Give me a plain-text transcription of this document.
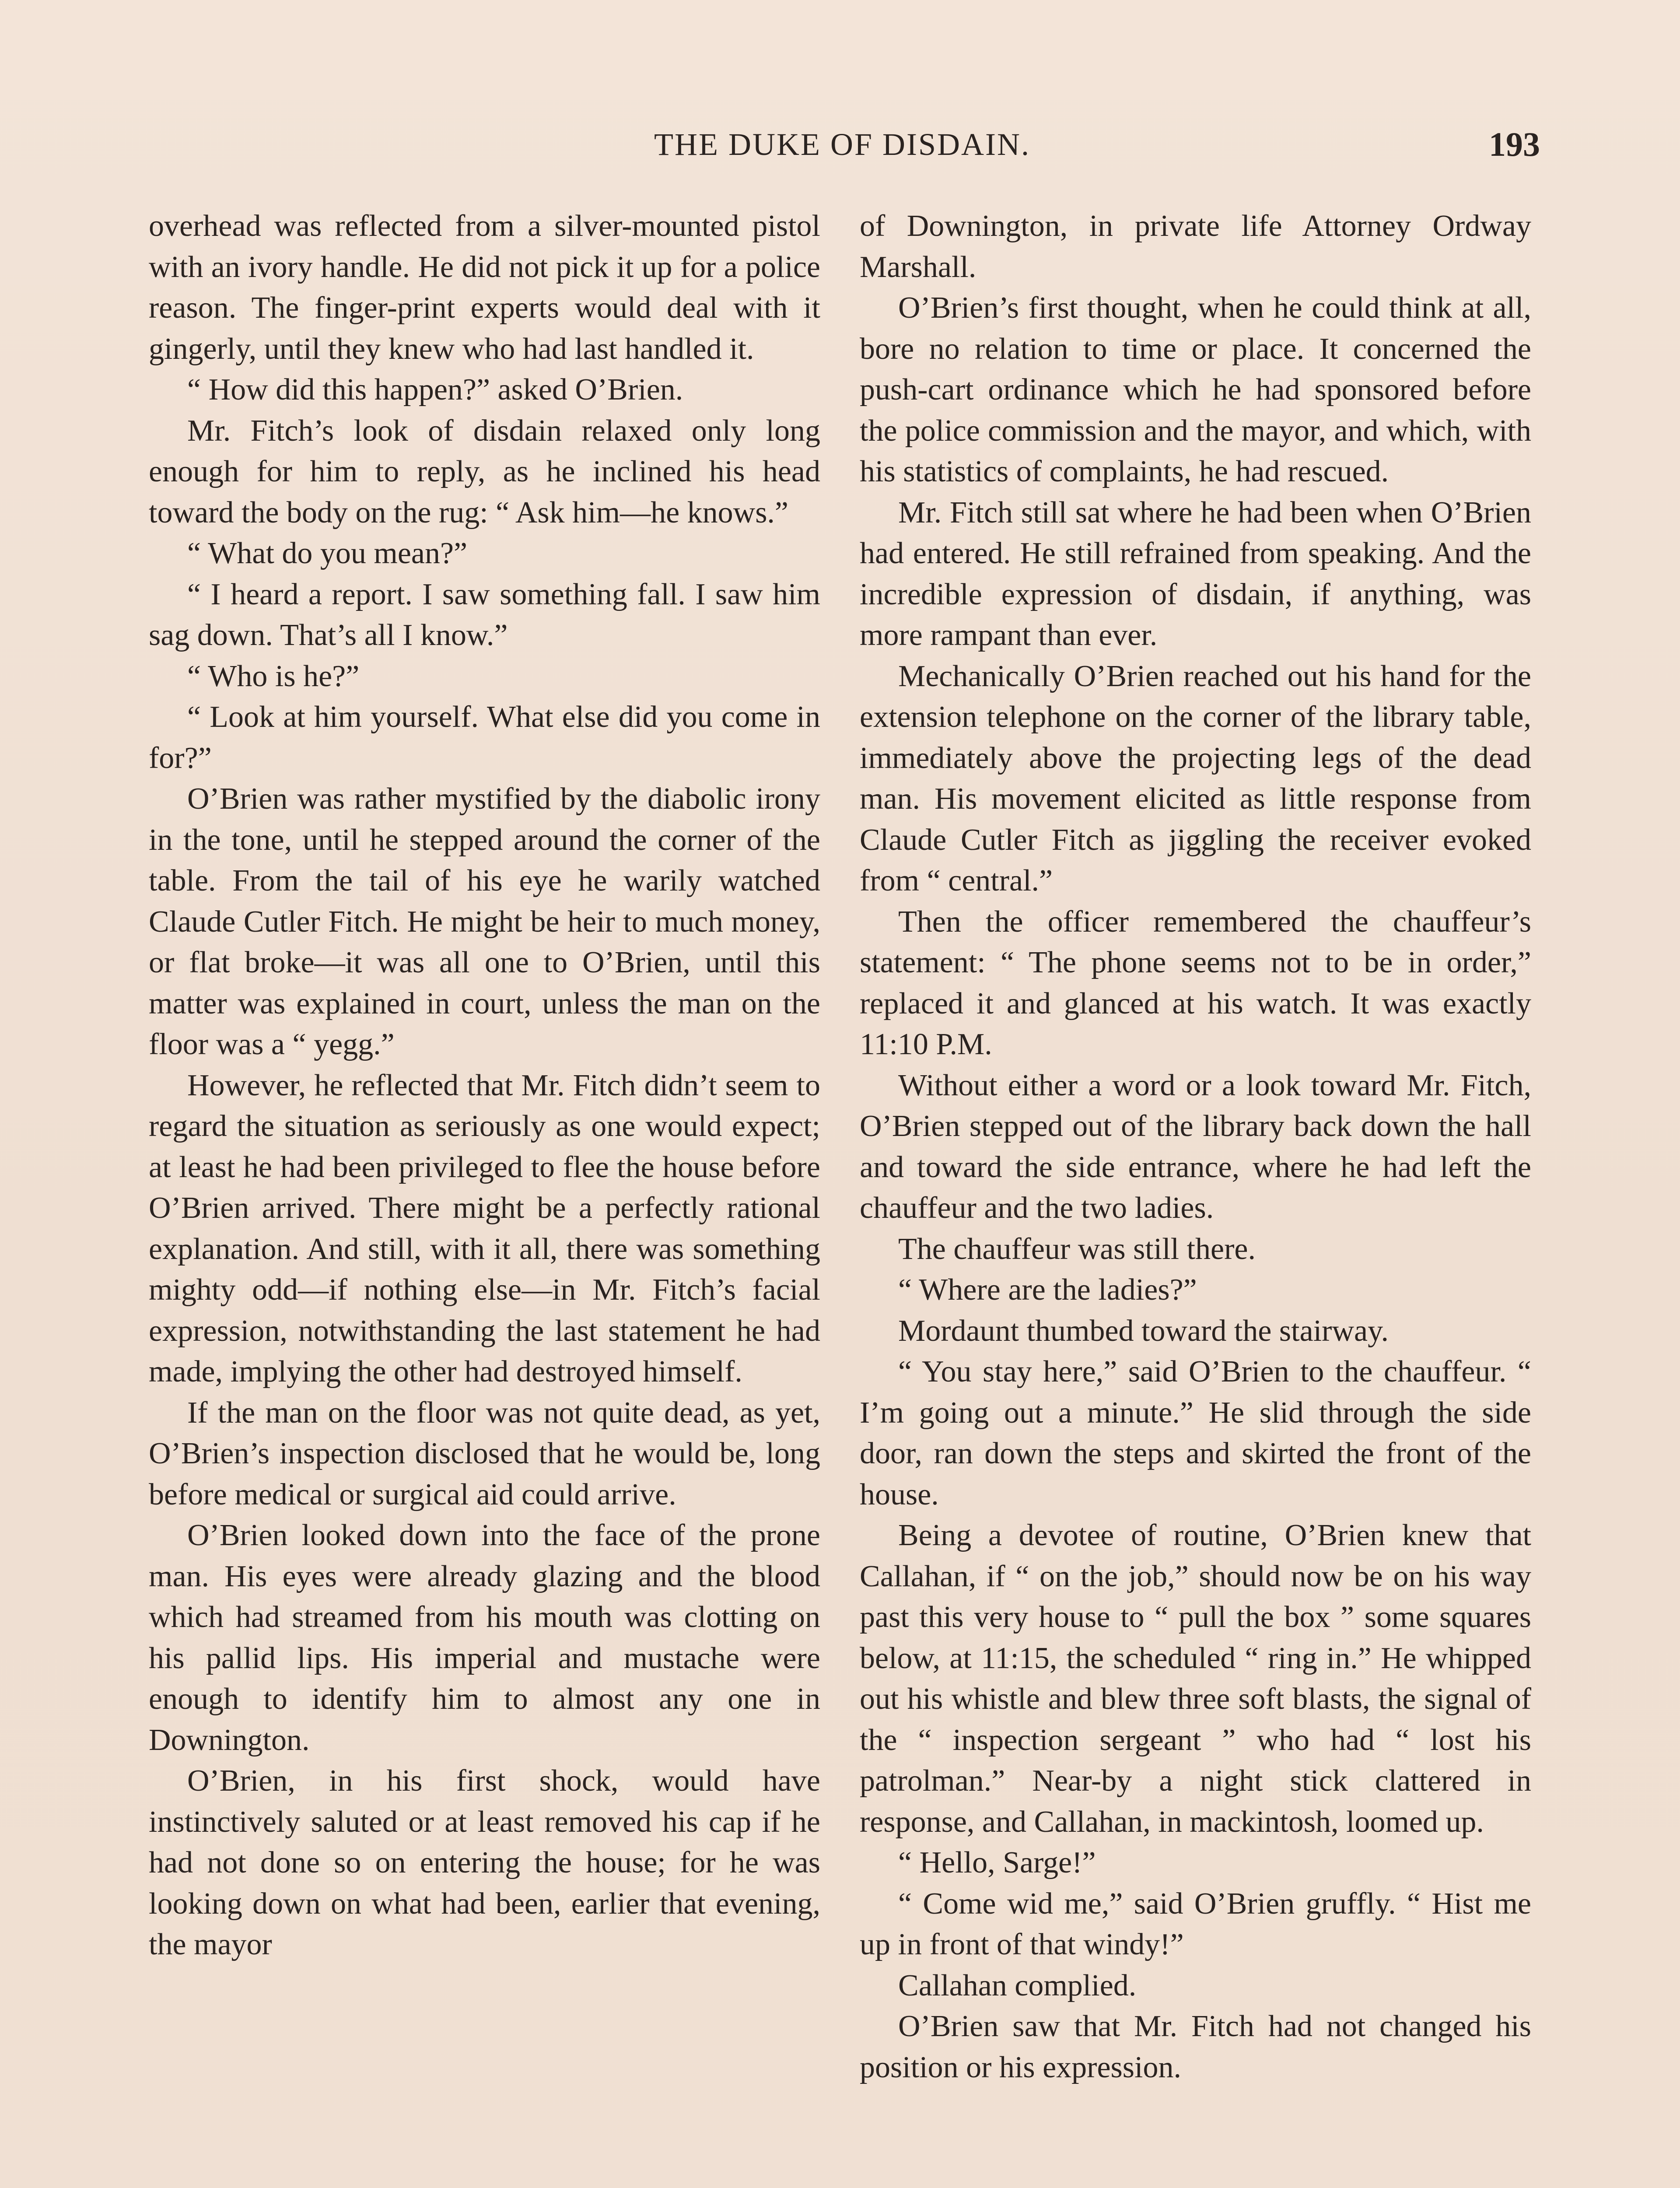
THE DUKE OF DISDAIN.	193

overhead was reflected from a silver-mounted pistol with an ivory handle. He did not pick it up for a police reason. The finger-print experts would deal with it gingerly, until they knew who had last handled it.

“ How did this happen?” asked O’Brien.

Mr. Fitch’s look of disdain relaxed only long enough for him to reply, as he inclined his head toward the body on the rug: “ Ask him—he knows.”

“ What do you mean?”

“ I heard a report. I saw something fall. I saw him sag down. That’s all I know.”

“ Who is he?”

“ Look at him yourself. What else did you come in for?”

O’Brien was rather mystified by the diabolic irony in the tone, until he stepped around the corner of the table. From the tail of his eye he warily watched Claude Cutler Fitch. He might be heir to much money, or flat broke—it was all one to O’Brien, until this matter was explained in court, unless the man on the floor was a “ yegg.”

However, he reflected that Mr. Fitch didn’t seem to regard the situation as seriously as one would expect; at least he had been privileged to flee the house before O’Brien arrived. There might be a perfectly rational explanation. And still, with it all, there was something mighty odd—if nothing else—in Mr. Fitch’s facial expression, notwithstanding the last statement he had made, implying the other had destroyed himself.

If the man on the floor was not quite dead, as yet, O’Brien’s inspection disclosed that he would be, long before medical or surgical aid could arrive.

O’Brien looked down into the face of the prone man. His eyes were already glazing and the blood which had streamed from his mouth was clotting on his pallid lips. His imperial and mustache were enough to identify him to almost any one in Downington.

O’Brien, in his first shock, would have instinctively saluted or at least removed his cap if he had not done so on entering the house; for he was looking down on what had been, earlier that evening, the mayor

of Downington, in private life Attorney Ordway Marshall.

O’Brien’s first thought, when he could think at all, bore no relation to time or place. It concerned the push-cart ordinance which he had sponsored before the police commission and the mayor, and which, with his statistics of complaints, he had rescued.

Mr. Fitch still sat where he had been when O’Brien had entered. He still refrained from speaking. And the incredible expression of disdain, if anything, was more rampant than ever.

Mechanically O’Brien reached out his hand for the extension telephone on the corner of the library table, immediately above the projecting legs of the dead man. His movement elicited as little response from Claude Cutler Fitch as jiggling the receiver evoked from “ central.”

Then the officer remembered the chauffeur’s statement: “ The phone seems not to be in order,” replaced it and glanced at his watch. It was exactly 11:10 P.M.

Without either a word or a look toward Mr. Fitch, O’Brien stepped out of the library back down the hall and toward the side entrance, where he had left the chauffeur and the two ladies.

The chauffeur was still there.

“ Where are the ladies?”

Mordaunt thumbed toward the stairway.

“ You stay here,” said O’Brien to the chauffeur. “ I’m going out a minute.” He slid through the side door, ran down the steps and skirted the front of the house.

Being a devotee of routine, O’Brien knew that Callahan, if “ on the job,” should now be on his way past this very house to “ pull the box ” some squares below, at 11:15, the scheduled “ ring in.” He whipped out his whistle and blew three soft blasts, the signal of the “ inspection sergeant ” who had “ lost his patrolman.” Near-by a night stick clattered in response, and Callahan, in mackintosh, loomed up.

“ Hello, Sarge!”

“ Come wid me,” said O’Brien gruffly. “ Hist me up in front of that windy!”

Callahan complied.

O’Brien saw that Mr. Fitch had not changed his position or his expression.
